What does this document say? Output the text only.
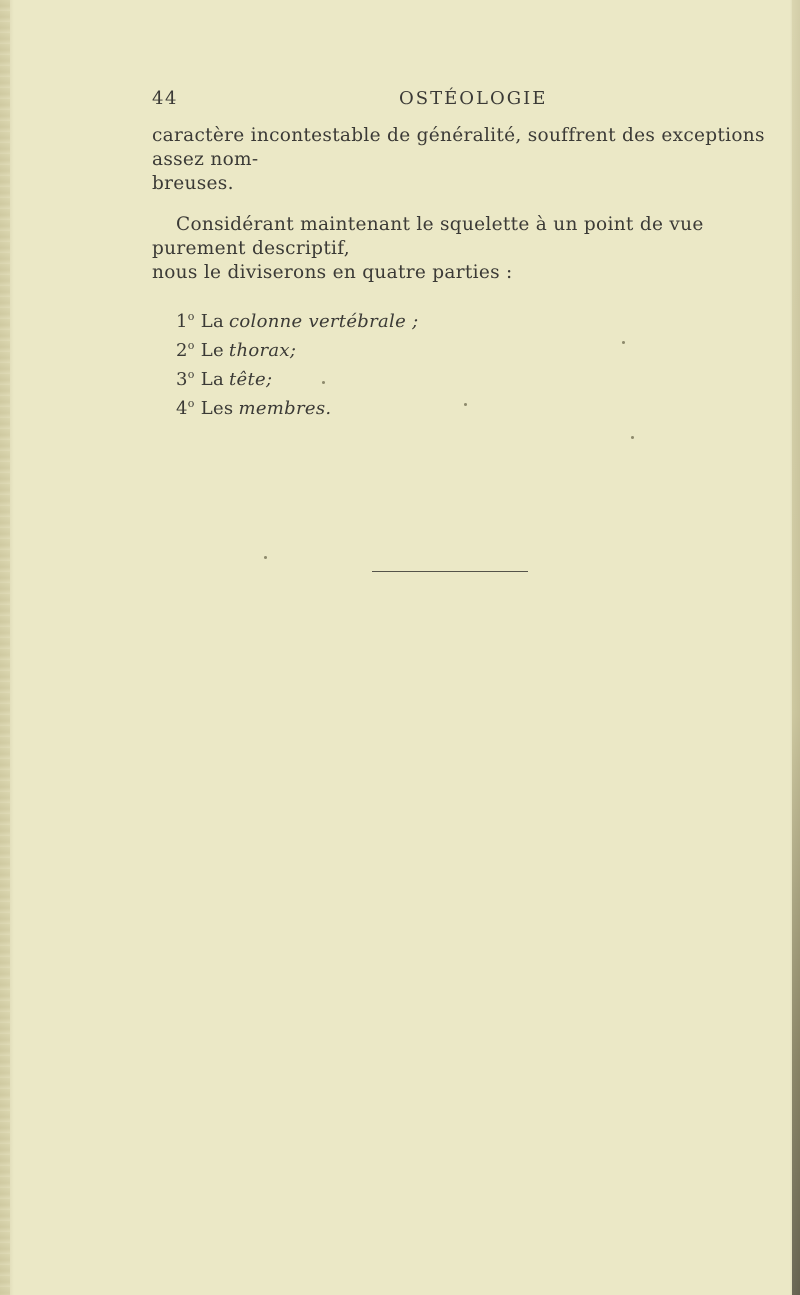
44	OSTÉOLOGIE

caractère incontestable de généralité, souffrent des exceptions assez nom-
breuses.

Considérant maintenant le squelette à un point de vue purement descriptif,
nous le diviserons en quatre parties :

1$^o$ La colonne vertébrale ;
2$^o$ Le thorax;
3$^o$ La tête;
4$^o$ Les membres.
